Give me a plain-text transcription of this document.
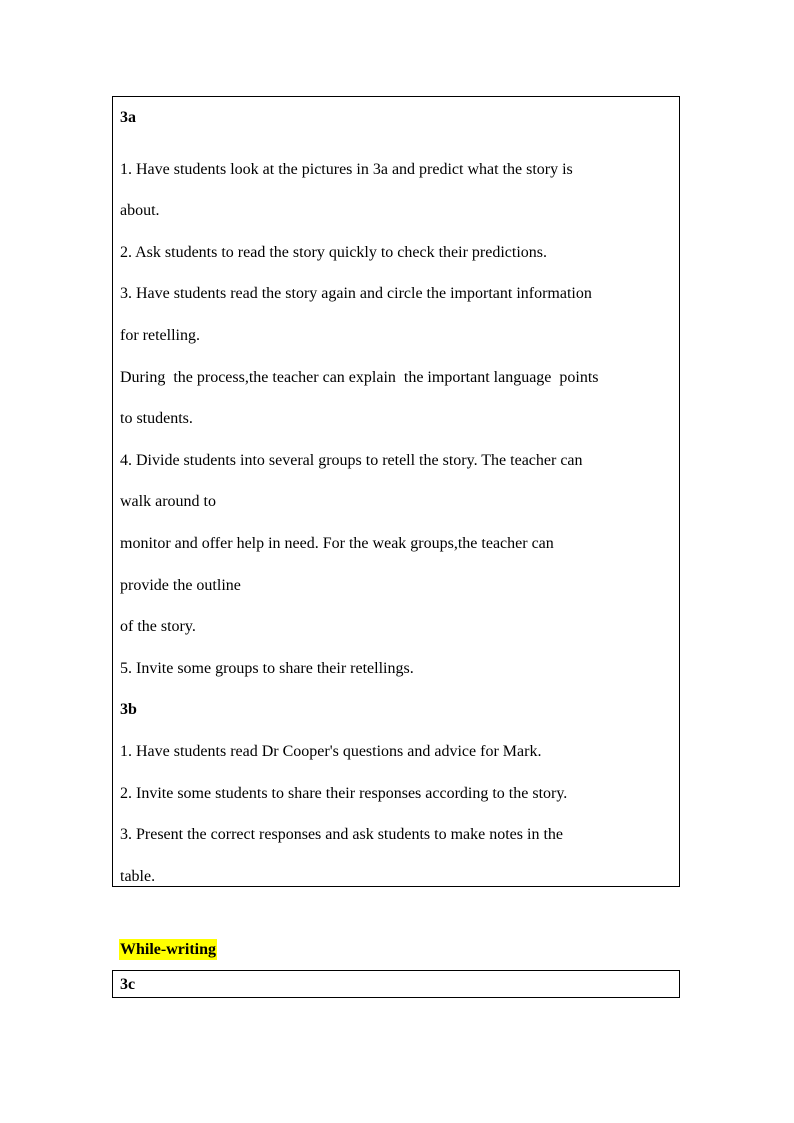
3a
1. Have students look at the pictures in 3a and predict what the story is
about.
2. Ask students to read the story quickly to check their predictions.
3. Have students read the story again and circle the important information
for retelling.
During  the process,the teacher can explain  the important language  points
to students.
4. Divide students into several groups to retell the story. The teacher can
walk around to
monitor and offer help in need. For the weak groups,the teacher can
provide the outline
of the story.
5. Invite some groups to share their retellings.
3b
1. Have students read Dr Cooper's questions and advice for Mark.
2. Invite some students to share their responses according to the story.
3. Present the correct responses and ask students to make notes in the
table.
While-writing
3c
